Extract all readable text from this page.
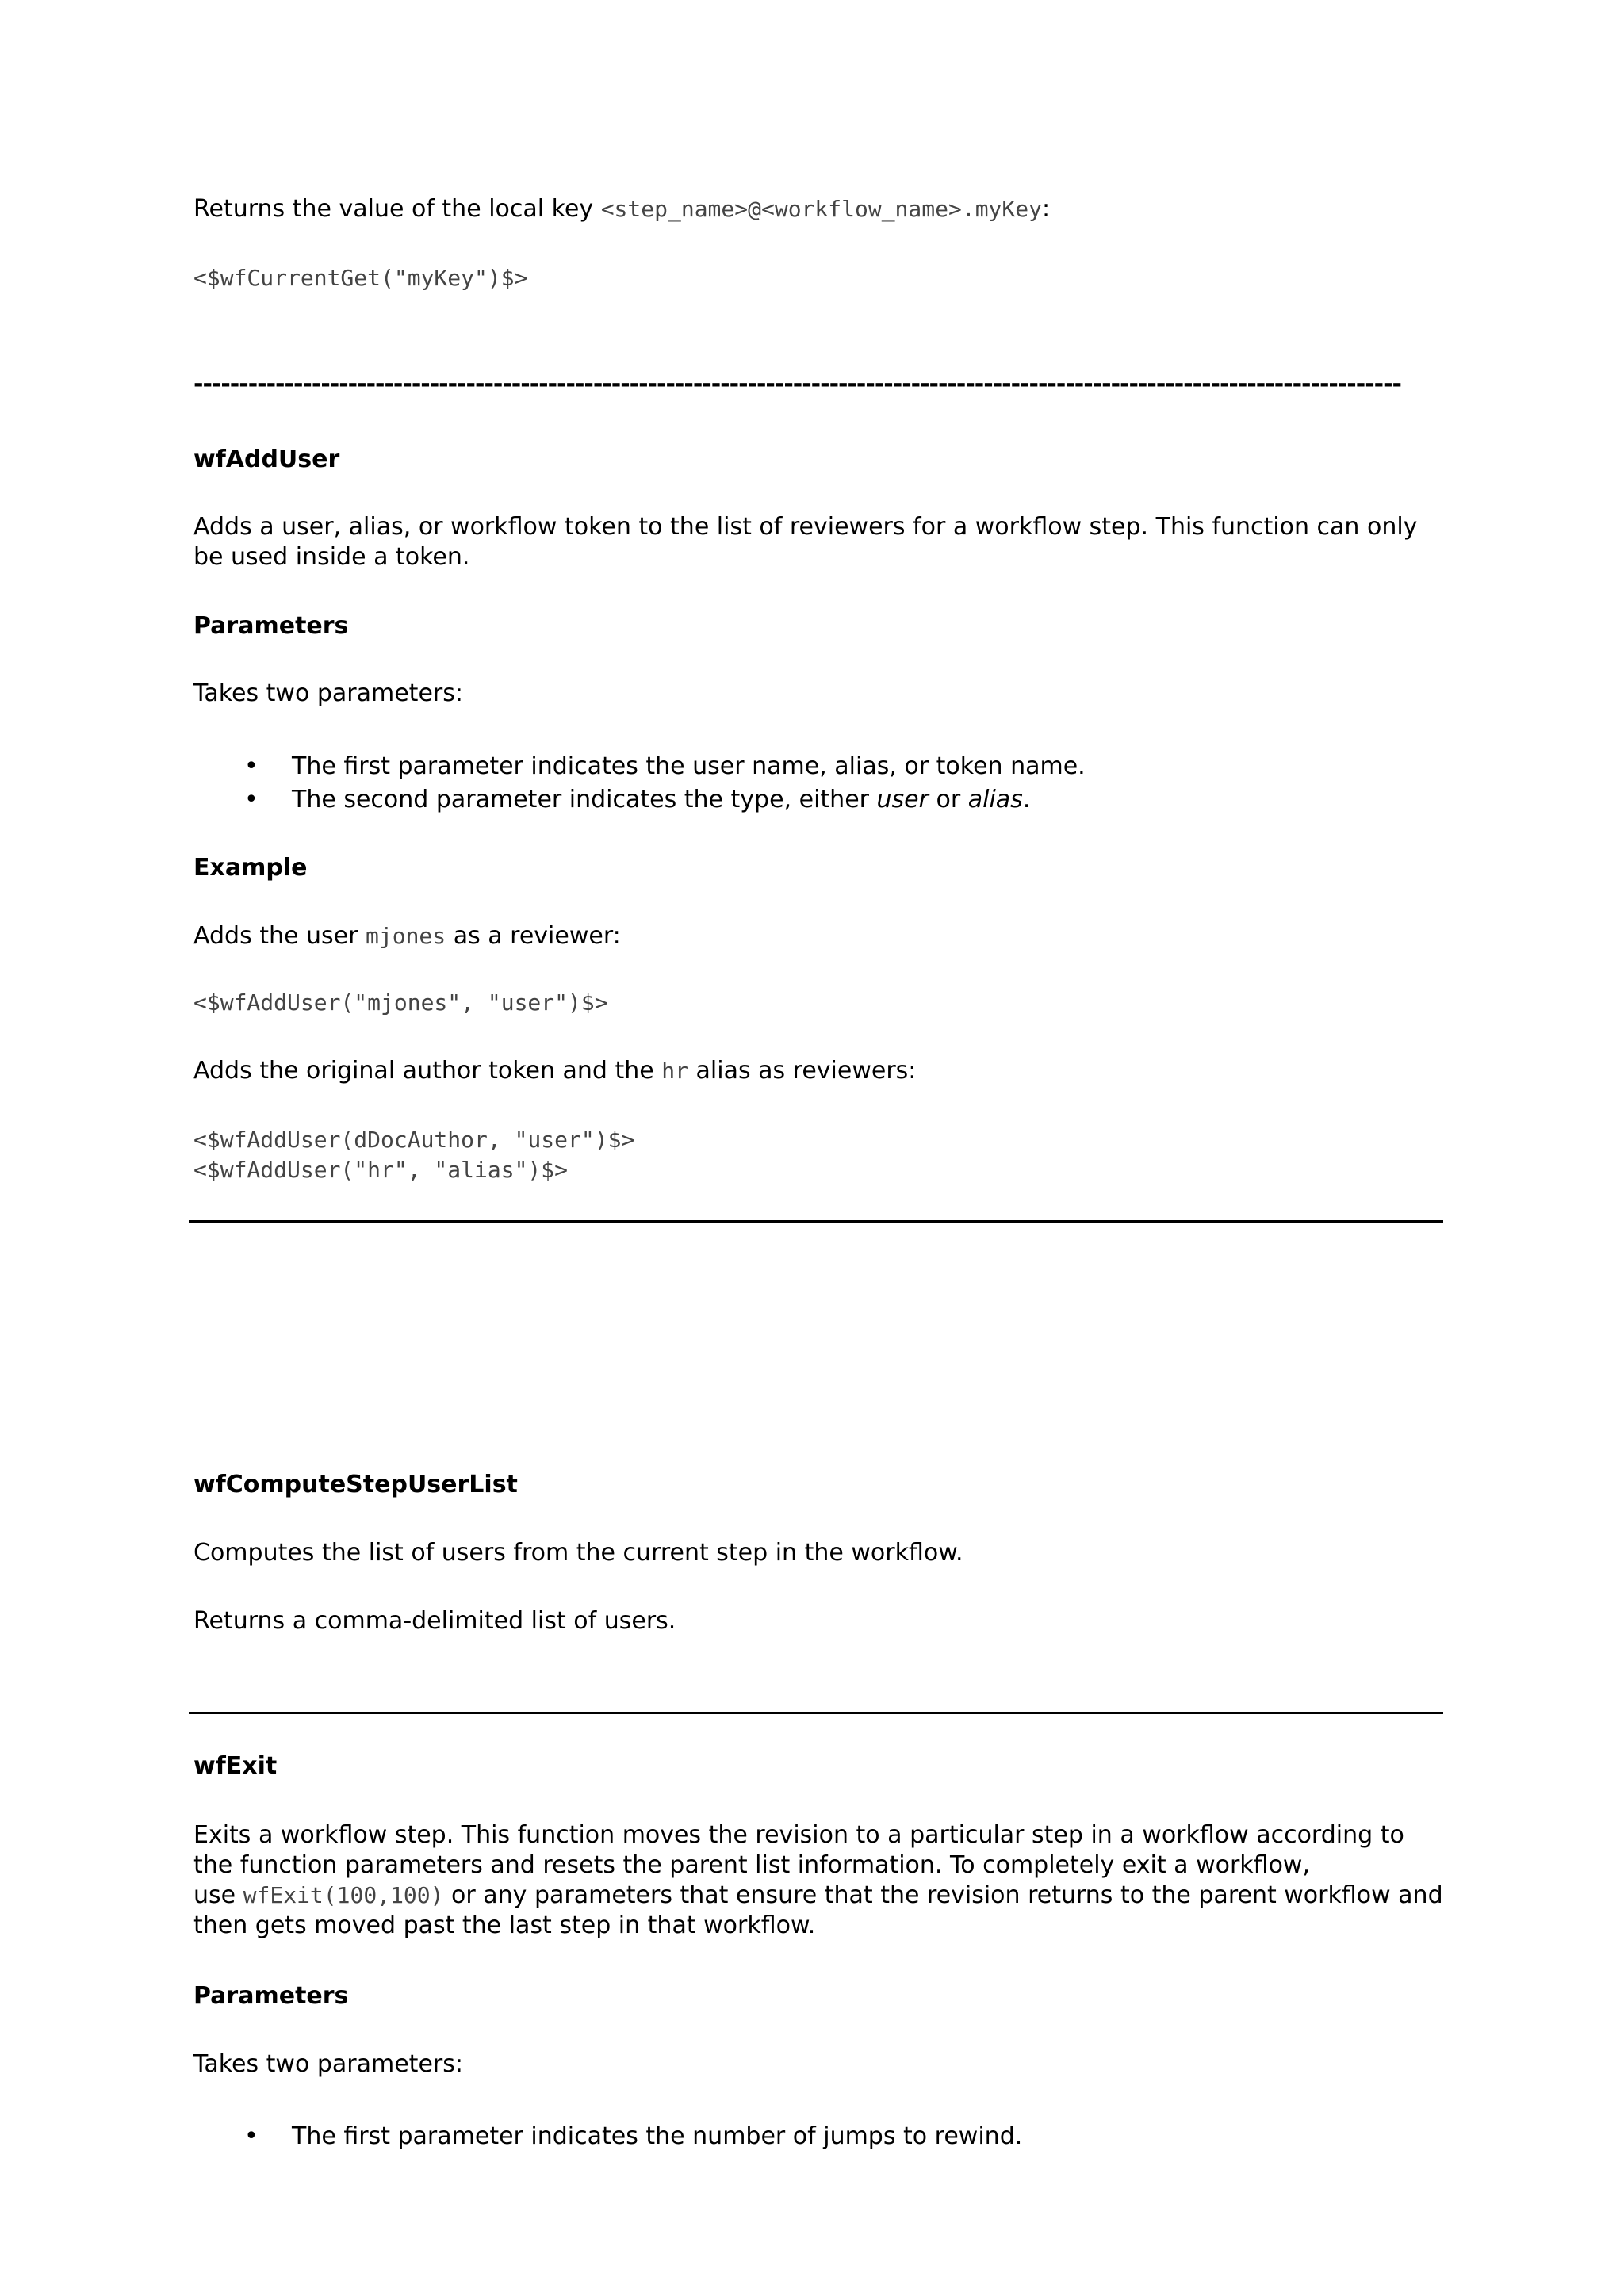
Returns the value of the local key <step_name>@<workflow_name>.myKey:

<$wfCurrentGet("myKey")$>
-------------------------------------------------------------------------------------------------------------------------------------
wfAddUser

Adds a user, alias, or workflow token to the list of reviewers for a workflow step. This function can only be used inside a token.

Parameters

Takes two parameters:

• The first parameter indicates the user name, alias, or token name.
• The second parameter indicates the type, either user or alias.
Example

Adds the user mjones as a reviewer:

<$wfAddUser("mjones", "user")$>

Adds the original author token and the hr alias as reviewers:

<$wfAddUser(dDocAuthor, "user")$>
<$wfAddUser("hr", "alias")$>
wfComputeStepUserList

Computes the list of users from the current step in the workflow.

Returns a comma-delimited list of users.

wfExit

Exits a workflow step. This function moves the revision to a particular step in a workflow according to the function parameters and resets the parent list information. To completely exit a workflow,
use wfExit(100,100) or any parameters that ensure that the revision returns to the parent workflow and then gets moved past the last step in that workflow.

Parameters

Takes two parameters:

• The first parameter indicates the number of jumps to rewind.
